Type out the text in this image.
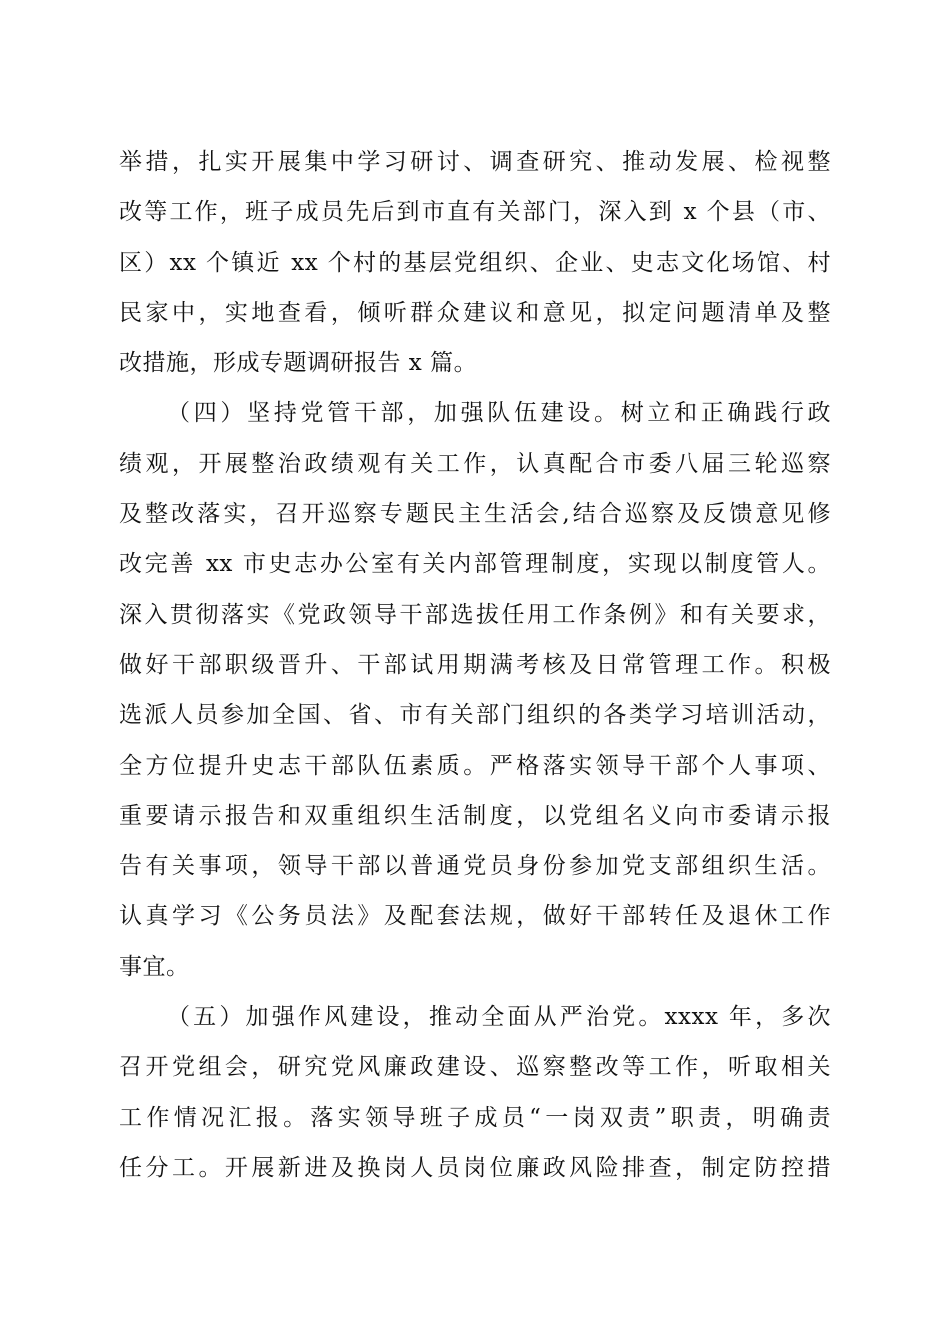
举措，扎实开展集中学习研讨、调查研究、推动发展、检视整
改等工作，班子成员先后到市直有关部门，深入到 x 个县（市、
区）xx 个镇近 xx 个村的基层党组织、企业、史志文化场馆、村
民家中，实地查看，倾听群众建议和意见，拟定问题清单及整
改措施，形成专题调研报告 x 篇。
（四）坚持党管干部，加强队伍建设。树立和正确践行政
绩观，开展整治政绩观有关工作，认真配合市委八届三轮巡察
及整改落实，召开巡察专题民主生活会,结合巡察及反馈意见修
改完善 xx 市史志办公室有关内部管理制度，实现以制度管人。
深入贯彻落实《党政领导干部选拔任用工作条例》和有关要求，
做好干部职级晋升、干部试用期满考核及日常管理工作。积极
选派人员参加全国、省、市有关部门组织的各类学习培训活动，
全方位提升史志干部队伍素质。严格落实领导干部个人事项、
重要请示报告和双重组织生活制度，以党组名义向市委请示报
告有关事项，领导干部以普通党员身份参加党支部组织生活。
认真学习《公务员法》及配套法规，做好干部转任及退休工作
事宜。
（五）加强作风建设，推动全面从严治党。xxxx 年，多次
召开党组会，研究党风廉政建设、巡察整改等工作，听取相关
工作情况汇报。落实领导班子成员“一岗双责”职责，明确责
任分工。开展新进及换岗人员岗位廉政风险排查，制定防控措
